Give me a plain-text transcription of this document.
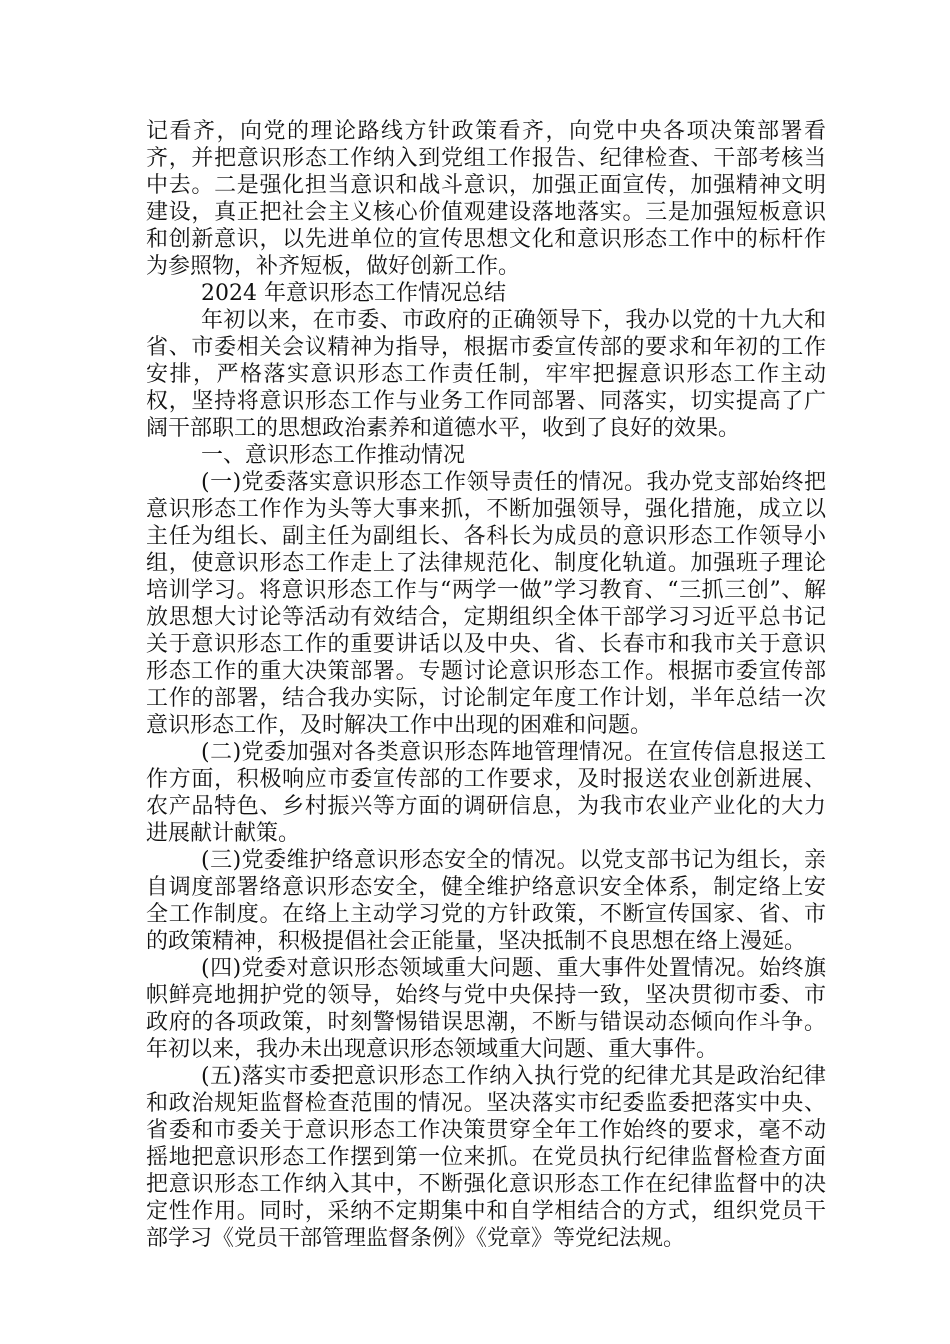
记看齐，向党的理论路线方针政策看齐，向党中央各项决策部署看齐，并把意识形态工作纳入到党组工作报告、纪律检查、干部考核当中去。二是强化担当意识和战斗意识，加强正面宣传，加强精神文明建设，真正把社会主义核心价值观建设落地落实。三是加强短板意识和创新意识，以先进单位的宣传思想文化和意识形态工作中的标杆作为参照物，补齐短板，做好创新工作。

2024 年意识形态工作情况总结

年初以来，在市委、市政府的正确领导下，我办以党的十九大和省、市委相关会议精神为指导，根据市委宣传部的要求和年初的工作安排，严格落实意识形态工作责任制，牢牢把握意识形态工作主动权，坚持将意识形态工作与业务工作同部署、同落实，切实提高了广阔干部职工的思想政治素养和道德水平，收到了良好的效果。

一、意识形态工作推动情况

(一)党委落实意识形态工作领导责任的情况。我办党支部始终把意识形态工作作为头等大事来抓，不断加强领导，强化措施，成立以主任为组长、副主任为副组长、各科长为成员的意识形态工作领导小组，使意识形态工作走上了法律规范化、制度化轨道。加强班子理论培训学习。将意识形态工作与“两学一做”学习教育、“三抓三创”、解放思想大讨论等活动有效结合，定期组织全体干部学习习近平总书记关于意识形态工作的重要讲话以及中央、省、长春市和我市关于意识形态工作的重大决策部署。专题讨论意识形态工作。根据市委宣传部工作的部署，结合我办实际，讨论制定年度工作计划，半年总结一次意识形态工作，及时解决工作中出现的困难和问题。

(二)党委加强对各类意识形态阵地管理情况。在宣传信息报送工作方面，积极响应市委宣传部的工作要求，及时报送农业创新进展、农产品特色、乡村振兴等方面的调研信息，为我市农业产业化的大力进展献计献策。

(三)党委维护络意识形态安全的情况。以党支部书记为组长，亲自调度部署络意识形态安全，健全维护络意识安全体系，制定络上安全工作制度。在络上主动学习党的方针政策，不断宣传国家、省、市的政策精神，积极提倡社会正能量，坚决抵制不良思想在络上漫延。

(四)党委对意识形态领域重大问题、重大事件处置情况。始终旗帜鲜亮地拥护党的领导，始终与党中央保持一致，坚决贯彻市委、市政府的各项政策，时刻警惕错误思潮，不断与错误动态倾向作斗争。年初以来，我办未出现意识形态领域重大问题、重大事件。

(五)落实市委把意识形态工作纳入执行党的纪律尤其是政治纪律和政治规矩监督检查范围的情况。坚决落实市纪委监委把落实中央、省委和市委关于意识形态工作决策贯穿全年工作始终的要求，毫不动摇地把意识形态工作摆到第一位来抓。在党员执行纪律监督检查方面把意识形态工作纳入其中，不断强化意识形态工作在纪律监督中的决定性作用。同时，采纳不定期集中和自学相结合的方式，组织党员干部学习《党员干部管理监督条例》《党章》等党纪法规。
